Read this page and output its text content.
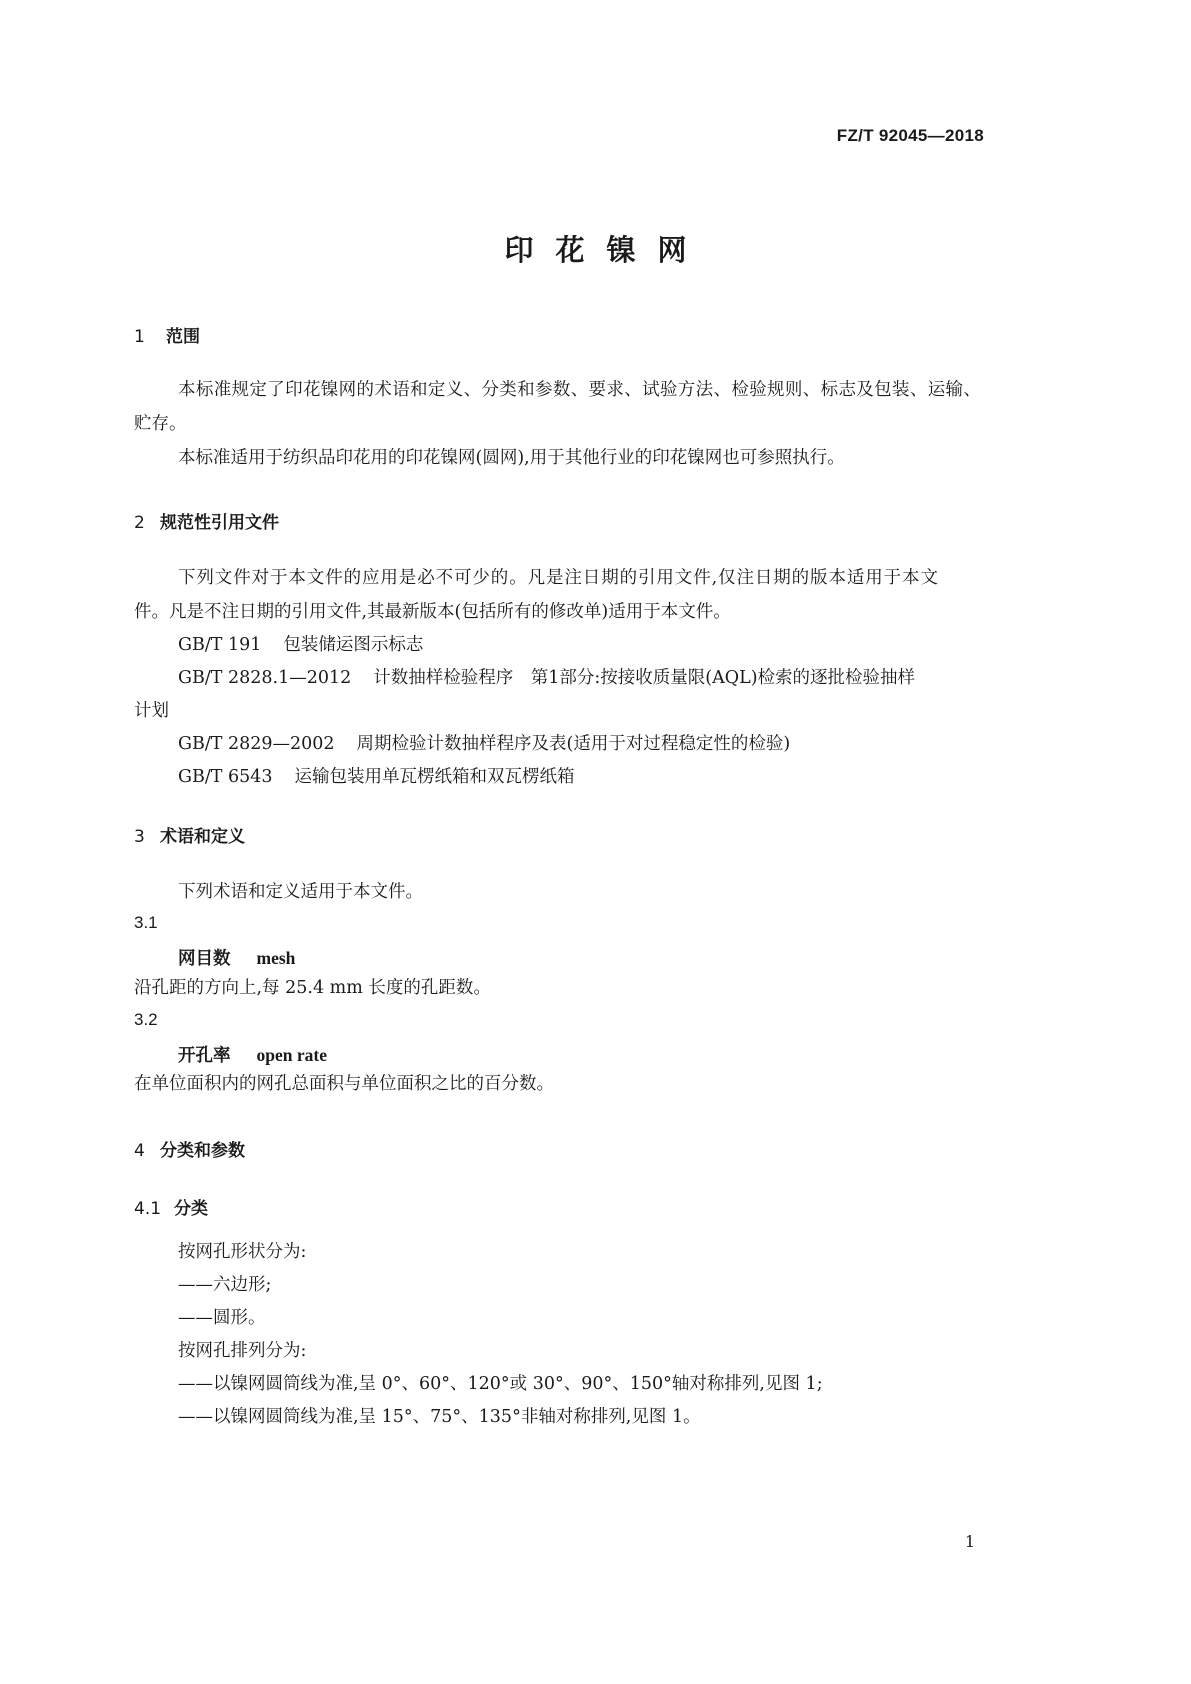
FZ/T 92045—2018
印花镍网
1 范围
本标准规定了印花镍网的术语和定义、分类和参数、要求、试验方法、检验规则、标志及包装、运输、
贮存。
本标准适用于纺织品印花用的印花镍网(圆网),用于其他行业的印花镍网也可参照执行。
2 规范性引用文件
下列文件对于本文件的应用是必不可少的。凡是注日期的引用文件,仅注日期的版本适用于本文
件。凡是不注日期的引用文件,其最新版本(包括所有的修改单)适用于本文件。
GB/T 191 包装储运图示标志
GB/T 2828.1—2012 计数抽样检验程序　第1部分:按接收质量限(AQL)检索的逐批检验抽样
计划
GB/T 2829—2002 周期检验计数抽样程序及表(适用于对过程稳定性的检验)
GB/T 6543 运输包装用单瓦楞纸箱和双瓦楞纸箱
3 术语和定义
下列术语和定义适用于本文件。
3.1
网目数 mesh
沿孔距的方向上,每 25.4 mm 长度的孔距数。
3.2
开孔率 open rate
在单位面积内的网孔总面积与单位面积之比的百分数。
4 分类和参数
4.1 分类
按网孔形状分为:
——六边形;
——圆形。
按网孔排列分为:
——以镍网圆筒线为准,呈 0°、60°、120°或 30°、90°、150°轴对称排列,见图 1;
——以镍网圆筒线为准,呈 15°、75°、135°非轴对称排列,见图 1。
1
